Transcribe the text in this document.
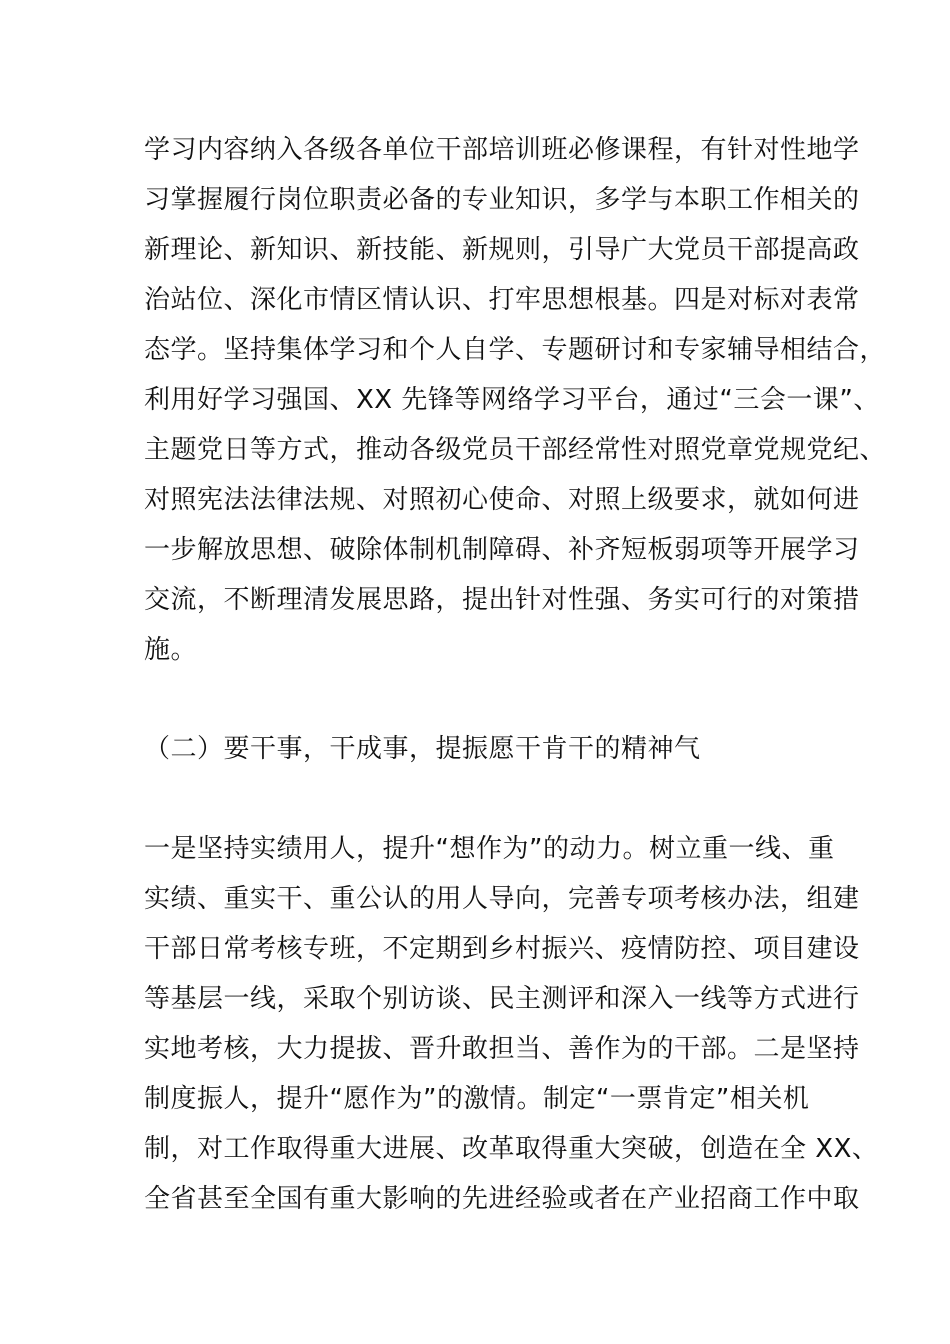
学习内容纳入各级各单位干部培训班必修课程，有针对性地学
习掌握履行岗位职责必备的专业知识，多学与本职工作相关的
新理论、新知识、新技能、新规则，引导广大党员干部提高政
治站位、深化市情区情认识、打牢思想根基。四是对标对表常
态学。坚持集体学习和个人自学、专题研讨和专家辅导相结合，
利用好学习强国、XX 先锋等网络学习平台，通过“三会一课”、
主题党日等方式，推动各级党员干部经常性对照党章党规党纪、
对照宪法法律法规、对照初心使命、对照上级要求，就如何进
一步解放思想、破除体制机制障碍、补齐短板弱项等开展学习
交流，不断理清发展思路，提出针对性强、务实可行的对策措
施。
（二）要干事，干成事，提振愿干肯干的精神气
一是坚持实绩用人，提升“想作为”的动力。树立重一线、重
实绩、重实干、重公认的用人导向，完善专项考核办法，组建
干部日常考核专班，不定期到乡村振兴、疫情防控、项目建设
等基层一线，采取个别访谈、民主测评和深入一线等方式进行
实地考核，大力提拔、晋升敢担当、善作为的干部。二是坚持
制度振人，提升“愿作为”的激情。制定“一票肯定”相关机
制，对工作取得重大进展、改革取得重大突破，创造在全 XX、
全省甚至全国有重大影响的先进经验或者在产业招商工作中取
